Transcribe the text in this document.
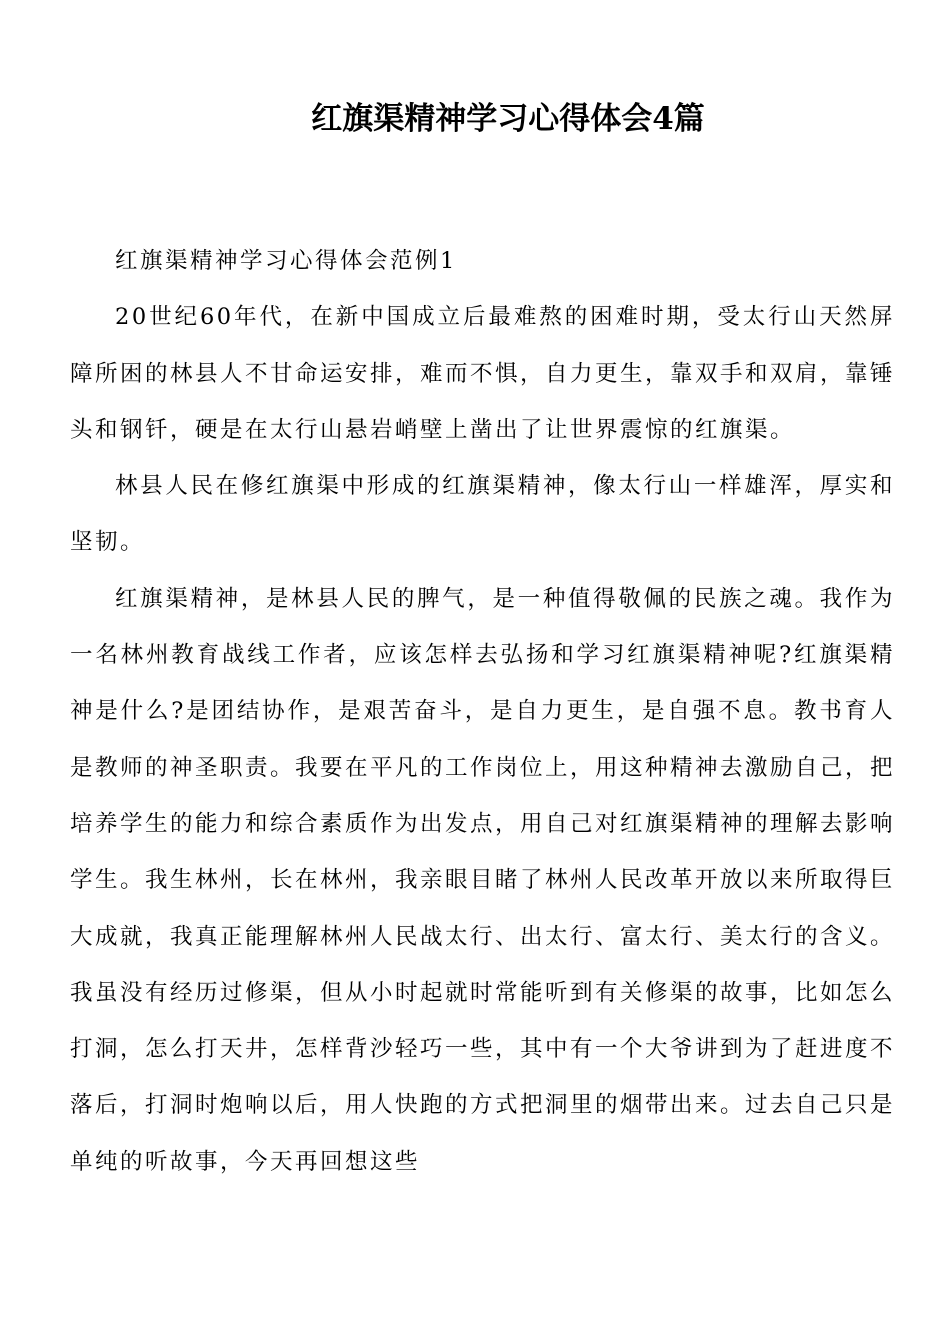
红旗渠精神学习心得体会4篇

红旗渠精神学习心得体会范例1

20世纪60年代，在新中国成立后最难熬的困难时期，受太行山天然屏障所困的林县人不甘命运安排，难而不惧，自力更生，靠双手和双肩，靠锤头和钢钎，硬是在太行山悬岩峭壁上凿出了让世界震惊的红旗渠。

林县人民在修红旗渠中形成的红旗渠精神，像太行山一样雄浑，厚实和坚韧。

红旗渠精神，是林县人民的脾气，是一种值得敬佩的民族之魂。我作为一名林州教育战线工作者，应该怎样去弘扬和学习红旗渠精神呢?红旗渠精神是什么?是团结协作，是艰苦奋斗，是自力更生，是自强不息。教书育人是教师的神圣职责。我要在平凡的工作岗位上，用这种精神去激励自己，把培养学生的能力和综合素质作为出发点，用自己对红旗渠精神的理解去影响学生。我生林州，长在林州，我亲眼目睹了林州人民改革开放以来所取得巨大成就，我真正能理解林州人民战太行、出太行、富太行、美太行的含义。我虽没有经历过修渠，但从小时起就时常能听到有关修渠的故事，比如怎么打洞，怎么打天井，怎样背沙轻巧一些，其中有一个大爷讲到为了赶进度不落后，打洞时炮响以后，用人快跑的方式把洞里的烟带出来。过去自己只是单纯的听故事，今天再回想这些
